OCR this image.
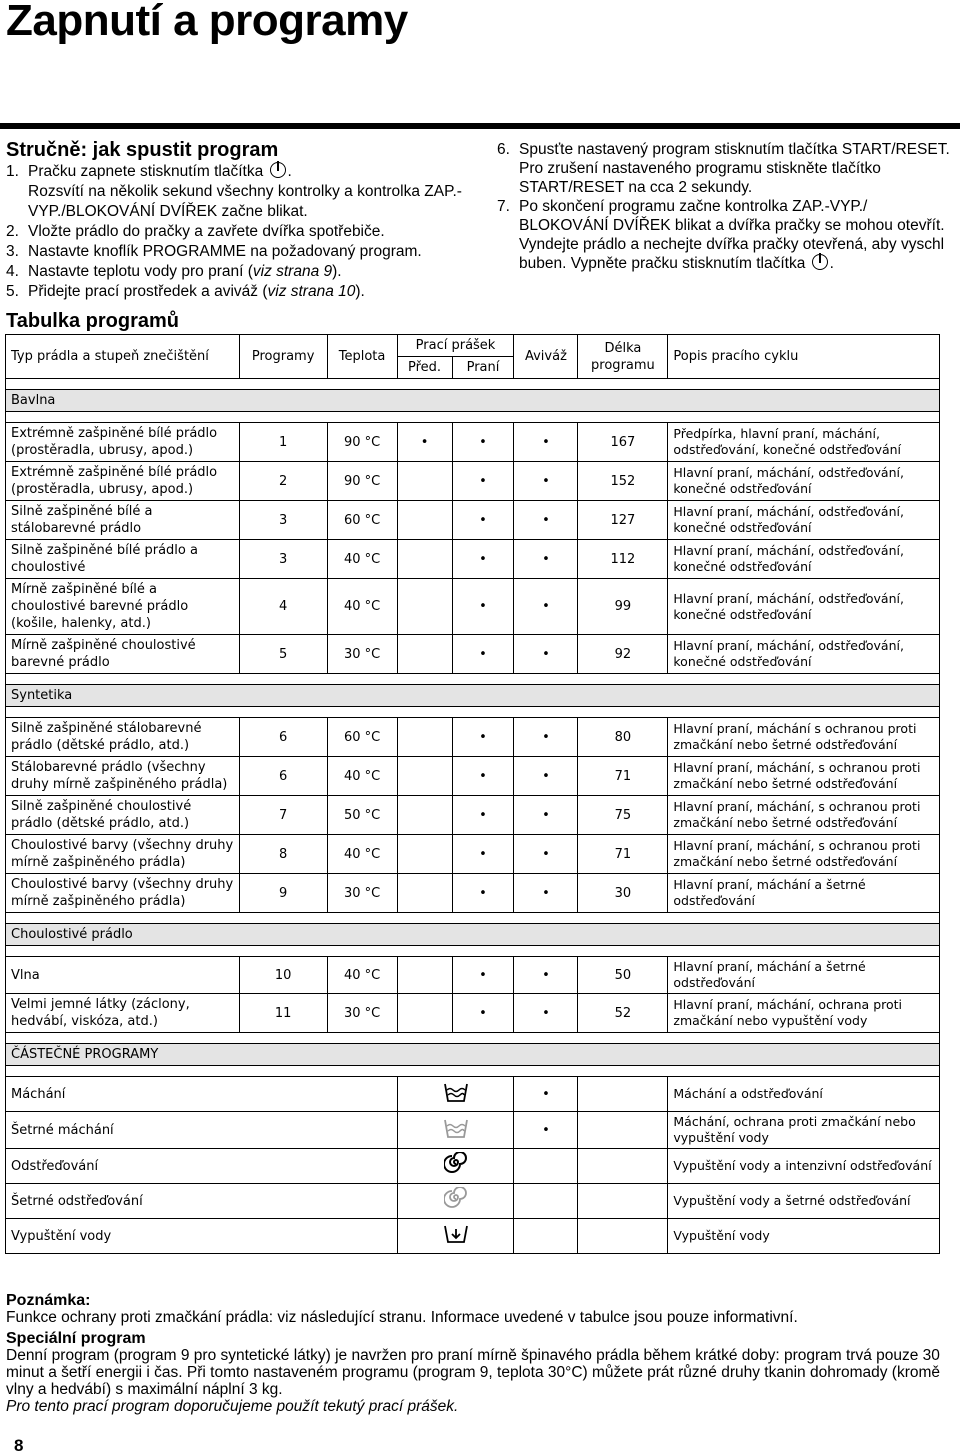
Zapnutí a programy
Stručně: jak spustit program
1. Pračku zapnete stisknutím tlačítka .
Rozsvítí na několik sekund všechny kontrolky a kontrolka ZAP.-VYP./BLOKOVÁNÍ DVÍŘEK začne blikat.
2. Vložte prádlo do pračky a zavřete dvířka spotřebiče.
3. Nastavte knoflík PROGRAMME na požadovaný program.
4. Nastavte teplotu vody pro praní (viz strana 9).
5. Přidejte prací prostředek a aviváž (viz strana 10).
6. Spusťte nastavený program stisknutím tlačítka START/RESET.
Pro zrušení nastaveného programu stiskněte tlačítko START/RESET na cca 2 sekundy.
7. Po skončení programu začne kontrolka ZAP.-VYP./ BLOKOVÁNÍ DVÍŘEK blikat a dvířka pračky se mohou otevřít. Vyndejte prádlo a nechejte dvířka pračky otevřená, aby vyschl buben. Vypněte pračku stisknutím tlačítka .
Tabulka programů
Typ prádla a stupeň znečištění	Programy	Teplota	Prací prášek		Aviváž	Délka programu	Popis pracího cyklu
			Před.	Praní			

Bavlna							

Extrémně zašpiněné bílé prádlo (prostěradla, ubrusy, apod.)	1	90 °C	•	•	•	167	Předpírka, hlavní praní, máchání, odstřeďování, konečné odstřeďování
Extrémně zašpiněné bílé prádlo (prostěradla, ubrusy, apod.)	2	90 °C		•	•	152	Hlavní praní, máchání, odstřeďování, konečné odstřeďování
Silně zašpiněné bílé a stálobarevné prádlo	3	60 °C		•	•	127	Hlavní praní, máchání, odstřeďování, konečné odstřeďování
Silně zašpiněné bílé prádlo a choulostivé	3	40 °C		•	•	112	Hlavní praní, máchání, odstřeďování, konečné odstřeďování
Mírně zašpiněné bílé a choulostivé barevné prádlo (košile, halenky, atd.)	4	40 °C		•	•	99	Hlavní praní, máchání, odstřeďování, konečné odstřeďování
Mírně zašpiněné choulostivé barevné prádlo	5	30 °C		•	•	92	Hlavní praní, máchání, odstřeďování, konečné odstřeďování

Syntetika							

Silně zašpiněné stálobarevné prádlo (dětské prádlo, atd.)	6	60 °C		•	•	80	Hlavní praní, máchání s ochranou proti zmačkání nebo šetrné odstřeďování
Stálobarevné prádlo (všechny druhy mírně zašpiněného prádla)	6	40 °C		•	•	71	Hlavní praní, máchání, s ochranou proti zmačkání nebo šetrné odstřeďování
Silně zašpiněné choulostivé prádlo (dětské prádlo, atd.)	7	50 °C		•	•	75	Hlavní praní, máchání, s ochranou proti zmačkání nebo šetrné odstřeďování
Choulostivé barvy (všechny druhy mírně zašpiněného prádla)	8	40 °C		•	•	71	Hlavní praní, máchání, s ochranou proti zmačkání nebo šetrné odstřeďování
Choulostivé barvy (všechny druhy mírně zašpiněného prádla)	9	30 °C		•	•	30	Hlavní praní, máchání a šetrné odstřeďování

Choulostivé prádlo							

Vlna	10	40 °C		•	•	50	Hlavní praní, máchání a šetrné odstřeďování
Velmi jemné látky (záclony, hedvábí, viskóza, atd.)	11	30 °C		•	•	52	Hlavní praní, máchání, ochrana proti zmačkání nebo vypuštění vody

ČÁSTEČNÉ PROGRAMY							

Máchání					•		Máchání a odstřeďování
Šetrné máchání					•		Máchání, ochrana proti zmačkání nebo vypuštění vody
Odstřeďování							Vypuštění vody a intenzivní odstřeďování
Šetrné odstřeďování							Vypuštění vody a šetrné odstřeďování
Vypuštění vody							Vypuštění vody
Poznámka:
Funkce ochrany proti zmačkání prádla: viz následující stranu. Informace uvedené v tabulce jsou pouze informativní.
Speciální program
Denní program (program 9 pro syntetické látky) je navržen pro praní mírně špinavého prádla během krátké doby: program trvá pouze 30 minut a šetří energii i čas. Při tomto nastaveném programu (program 9, teplota 30°C) můžete prát různé druhy tkanin dohromady (kromě vlny a hedvábí) s maximální náplní 3 kg.
Pro tento prací program doporučujeme použít tekutý prací prášek.
8
